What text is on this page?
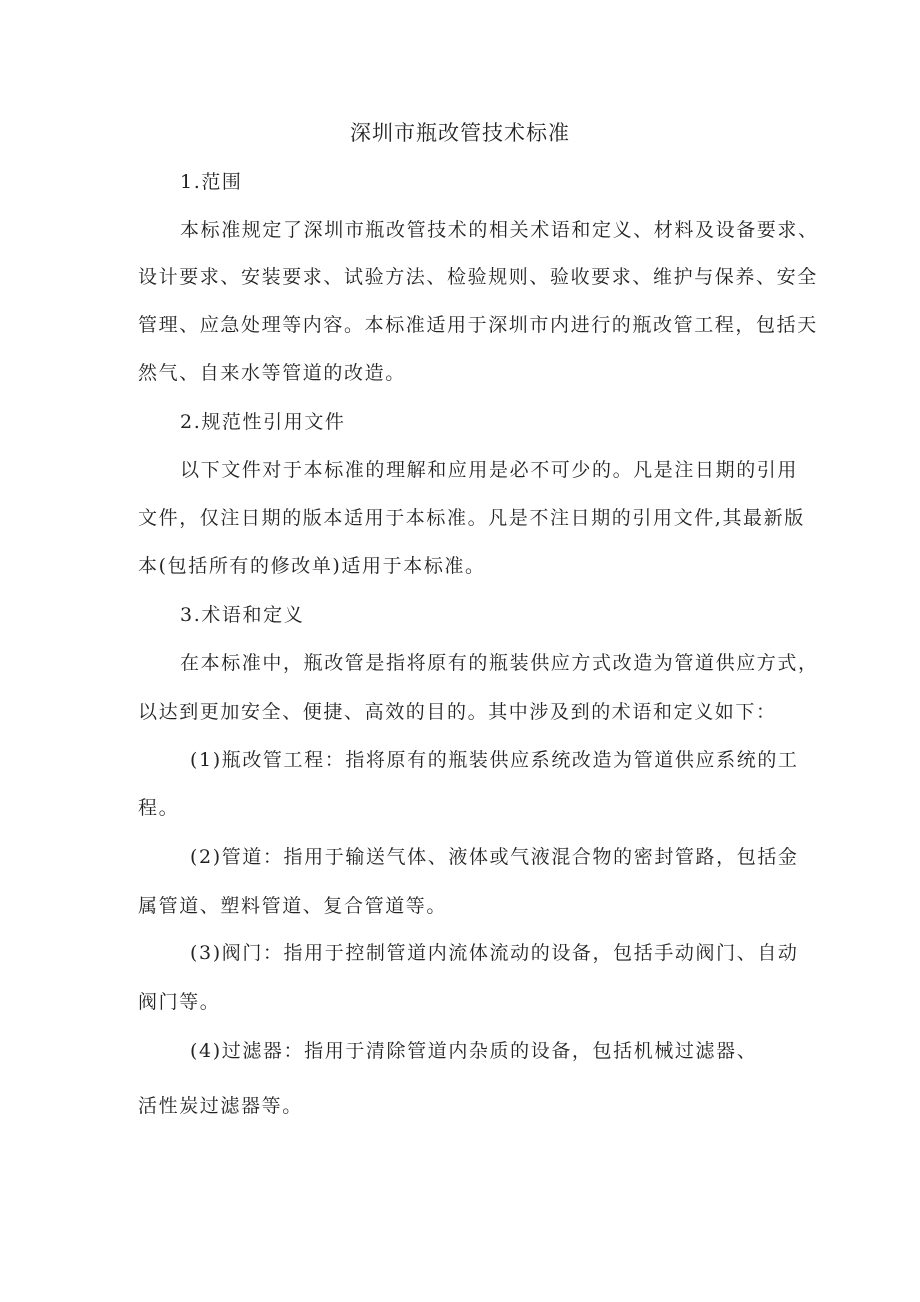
深圳市瓶改管技术标准
1.范围
本标准规定了深圳市瓶改管技术的相关术语和定义、材料及设备要求、
设计要求、安装要求、试验方法、检验规则、验收要求、维护与保养、安全
管理、应急处理等内容。本标准适用于深圳市内进行的瓶改管工程，包括天
然气、自来水等管道的改造。
2.规范性引用文件
以下文件对于本标准的理解和应用是必不可少的。凡是注日期的引用
文件，仅注日期的版本适用于本标准。凡是不注日期的引用文件,其最新版
本(包括所有的修改单)适用于本标准。
3.术语和定义
在本标准中，瓶改管是指将原有的瓶装供应方式改造为管道供应方式，
以达到更加安全、便捷、高效的目的。其中涉及到的术语和定义如下：
(1)瓶改管工程：指将原有的瓶装供应系统改造为管道供应系统的工
程。
(2)管道：指用于输送气体、液体或气液混合物的密封管路，包括金
属管道、塑料管道、复合管道等。
(3)阀门：指用于控制管道内流体流动的设备，包括手动阀门、自动
阀门等。
(4)过滤器：指用于清除管道内杂质的设备，包括机械过滤器、
活性炭过滤器等。
